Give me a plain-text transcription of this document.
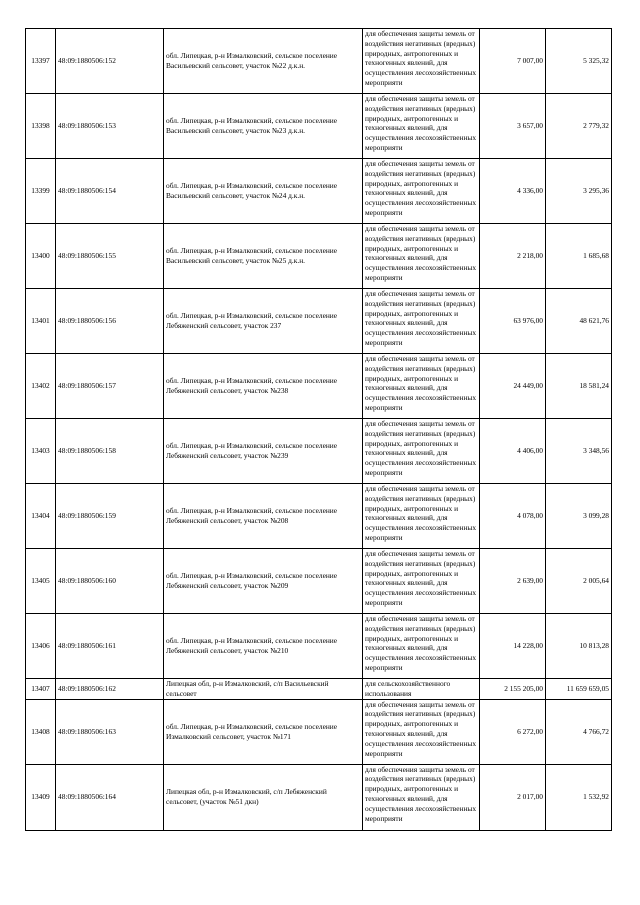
13397	48:09:1880506:152	обл. Липецкая, р-н Измалковский, сельское поселение Васильевский сельсовет, участок №22 д.к.н.	для обеспечения защиты земель от воздействия негативных (вредных) природных, антропогенных и техногенных явлений, для осуществления лесохозяйственных мероприяти	7 007,00	5 325,32
13398	48:09:1880506:153	обл. Липецкая, р-н Измалковский, сельское поселение Васильевский сельсовет, участок №23 д.к.н.	для обеспечения защиты земель от воздействия негативных (вредных) природных, антропогенных и техногенных явлений, для осуществления лесохозяйственных мероприяти	3 657,00	2 779,32
13399	48:09:1880506:154	обл. Липецкая, р-н Измалковский, сельское поселение Васильевский сельсовет, участок №24 д.к.н.	для обеспечения защиты земель от воздействия негативных (вредных) природных, антропогенных и техногенных явлений, для осуществления лесохозяйственных мероприяти	4 336,00	3 295,36
13400	48:09:1880506:155	обл. Липецкая, р-н Измалковский, сельское поселение Васильевский сельсовет, участок №25 д.к.н.	для обеспечения защиты земель от воздействия негативных (вредных) природных, антропогенных и техногенных явлений, для осуществления лесохозяйственных мероприяти	2 218,00	1 685,68
13401	48:09:1880506:156	обл. Липецкая, р-н Измалковский, сельское поселение Лебяженский сельсовет, участок 237	для обеспечения защиты земель от воздействия негативных (вредных) природных, антропогенных и техногенных явлений, для осуществления лесохозяйственных мероприяти	63 976,00	48 621,76
13402	48:09:1880506:157	обл. Липецкая, р-н Измалковский, сельское поселение Лебяженский сельсовет, участок №238	для обеспечения защиты земель от воздействия негативных (вредных) природных, антропогенных и техногенных явлений, для осуществления лесохозяйственных мероприяти	24 449,00	18 581,24
13403	48:09:1880506:158	обл. Липецкая, р-н Измалковский, сельское поселение Лебяженский сельсовет, участок №239	для обеспечения защиты земель от воздействия негативных (вредных) природных, антропогенных и техногенных явлений, для осуществления лесохозяйственных мероприяти	4 406,00	3 348,56
13404	48:09:1880506:159	обл. Липецкая, р-н Измалковский, сельское поселение Лебяженский сельсовет, участок №208	для обеспечения защиты земель от воздействия негативных (вредных) природных, антропогенных и техногенных явлений, для осуществления лесохозяйственных мероприяти	4 078,00	3 099,28
13405	48:09:1880506:160	обл. Липецкая, р-н Измалковский, сельское поселение Лебяженский сельсовет, участок №209	для обеспечения защиты земель от воздействия негативных (вредных) природных, антропогенных и техногенных явлений, для осуществления лесохозяйственных мероприяти	2 639,00	2 005,64
13406	48:09:1880506:161	обл. Липецкая, р-н Измалковский, сельское поселение Лебяженский сельсовет, участок №210	для обеспечения защиты земель от воздействия негативных (вредных) природных, антропогенных и техногенных явлений, для осуществления лесохозяйственных мероприяти	14 228,00	10 813,28
13407	48:09:1880506:162	Липецкая обл, р-н Измалковский, с/п Васильевский сельсовет	для сельскохозяйственного использования	2 155 205,00	11 659 659,05
13408	48:09:1880506:163	обл. Липецкая, р-н Измалковский, сельское поселение Измалковский сельсовет, участок №171	для обеспечения защиты земель от воздействия негативных (вредных) природных, антропогенных и техногенных явлений, для осуществления лесохозяйственных мероприяти	6 272,00	4 766,72
13409	48:09:1880506:164	Липецкая обл, р-н Измалковский, с/п Лебяженский сельсовет, (участок №51 дкн)	для обеспечения защиты земель от воздействия негативных (вредных) природных, антропогенных и техногенных явлений, для осуществления лесохозяйственных мероприяти	2 017,00	1 532,92
